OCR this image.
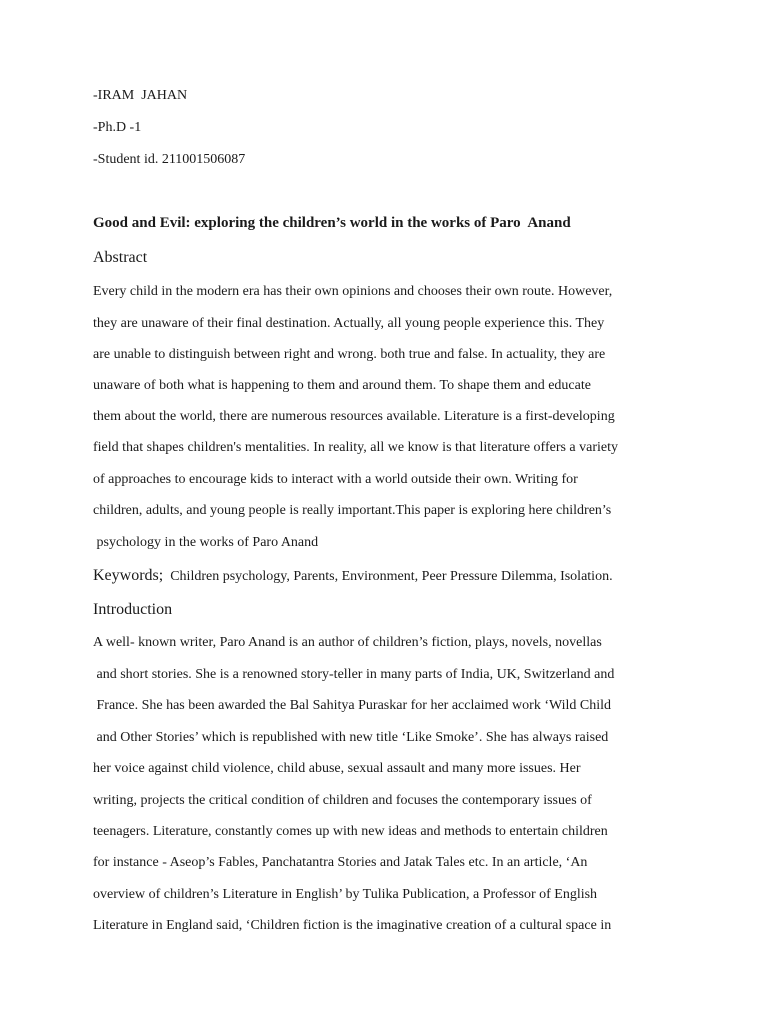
-IRAM  JAHAN
-Ph.D -1
-Student id. 211001506087
Good and Evil: exploring the children’s world in the works of Paro  Anand
Abstract
Every child in the modern era has their own opinions and chooses their own route. However,
they are unaware of their final destination. Actually, all young people experience this. They
are unable to distinguish between right and wrong. both true and false. In actuality, they are
unaware of both what is happening to them and around them. To shape them and educate
them about the world, there are numerous resources available. Literature is a first-developing
field that shapes children's mentalities. In reality, all we know is that literature offers a variety
of approaches to encourage kids to interact with a world outside their own. Writing for
children, adults, and young people is really important.This paper is exploring here children’s
psychology in the works of Paro Anand
Keywords; Children psychology, Parents, Environment, Peer Pressure Dilemma, Isolation.
Introduction
A well- known writer, Paro Anand is an author of children’s fiction, plays, novels, novellas
and short stories. She is a renowned story-teller in many parts of India, UK, Switzerland and
France. She has been awarded the Bal Sahitya Puraskar for her acclaimed work ‘Wild Child
and Other Stories’ which is republished with new title ‘Like Smoke’. She has always raised
her voice against child violence, child abuse, sexual assault and many more issues. Her
writing, projects the critical condition of children and focuses the contemporary issues of
teenagers. Literature, constantly comes up with new ideas and methods to entertain children
for instance - Aseop’s Fables, Panchatantra Stories and Jatak Tales etc. In an article, ‘An
overview of children’s Literature in English’ by Tulika Publication, a Professor of English
Literature in England said, ‘Children fiction is the imaginative creation of a cultural space in
